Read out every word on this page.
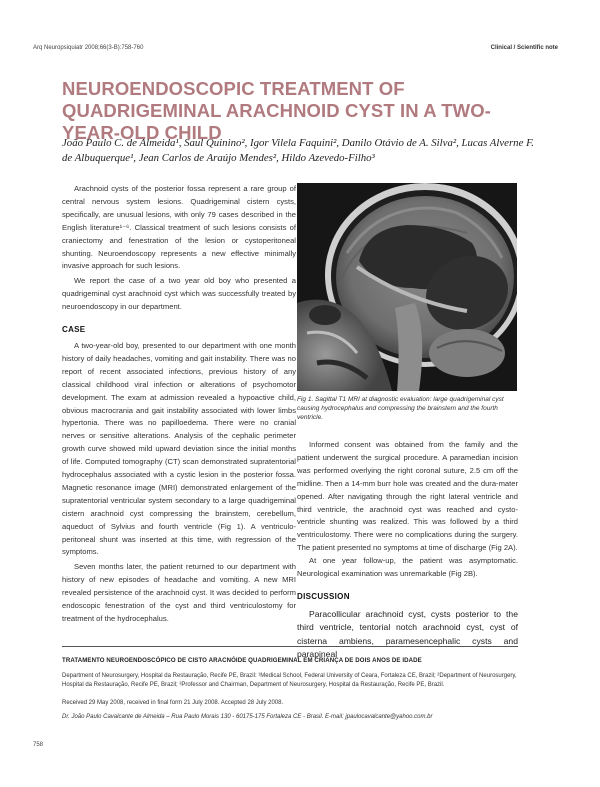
Arq Neuropsiquiatr 2008;66(3-B):758-760	Clinical / Scientific note
NEUROENDOSCOPIC TREATMENT OF QUADRIGEMINAL ARACHNOID CYST IN A TWO-YEAR-OLD CHILD
João Paulo C. de Almeida¹, Saul Quinino², Igor Vilela Faquini², Danilo Otávio de A. Silva², Lucas Alverne F. de Albuquerque¹, Jean Carlos de Araújo Mendes², Hildo Azevedo-Filho³

Arachnoid cysts of the posterior fossa represent a rare group of central nervous system lesions. Quadrigeminal cistern cysts, specifically, are unusual lesions, with only 79 cases described in the English literature¹⁻⁶. Classical treatment of such lesions consists of craniectomy and fenestration of the lesion or cystoperitoneal shunting. Neuroendoscopy represents a new effective minimally invasive approach for such lesions.

We report the case of a two year old boy who presented a quadrigeminal cyst arachnoid cyst which was successfully treated by neuroendoscopy in our department.

CASE

A two-year-old boy, presented to our department with one month history of daily headaches, vomiting and gait instability. There was no report of recent associated infections, previous history of any classical childhood viral infection or alterations of psychomotor development. The exam at admission revealed a hypoactive child, obvious macrocrania and gait instability associated with lower limbs hypertonia. There was no papilloedema. There were no cranial nerves or sensitive alterations. Analysis of the cephalic perimeter growth curve showed mild upward deviation since the initial months of life. Computed tomography (CT) scan demonstrated supratentorial hydrocephalus associated with a cystic lesion in the posterior fossa. Magnetic resonance image (MRI) demonstrated enlargement of the supratentorial ventricular system secondary to a large quadrigeminal cistern arachnoid cyst compressing the brainstem, cerebellum, aqueduct of Sylvius and fourth ventricle (Fig 1). A ventriculo-peritoneal shunt was inserted at this time, with regression of the symptoms.

Seven months later, the patient returned to our department with history of new episodes of headache and vomiting. A new MRI revealed persistence of the arachnoid cyst. It was decided to perform endoscopic fenestration of the cyst and third ventriculostomy for treatment of the hydrocephalus.

Fig 1. Sagittal T1 MRI at diagnostic evaluation: large quadrigeminal cyst causing hydrocephalus and compressing the brainstem and the fourth ventricle.

Informed consent was obtained from the family and the patient underwent the surgical procedure. A paramedian incision was performed overlying the right coronal suture, 2.5 cm off the midline. Then a 14-mm burr hole was created and the dura-mater opened. After navigating through the right lateral ventricle and third ventricle, the arachnoid cyst was reached and cysto-ventricle shunting was realized. This was followed by a third ventriculostomy. There were no complications during the surgery. The patient presented no symptoms at time of discharge (Fig 2A).

At one year follow-up, the patient was asymptomatic. Neurological examination was unremarkable (Fig 2B).

DISCUSSION

Paracollicular arachnoid cyst, cysts posterior to the third ventricle, tentorial notch arachnoid cyst, cyst of cisterna ambiens, paramesencephalic cysts and parapineal

TRATAMENTO NEUROENDOSCÓPICO DE CISTO ARACNÓIDE QUADRIGEMINAL EM CRIANÇA DE DOIS ANOS DE IDADE
Department of Neurosurgery, Hospital da Restauração, Recife PE, Brazil: ¹Medical School, Federal University of Ceara, Fortaleza CE, Brazil; ²Department of Neurosurgery, Hospital da Restauração, Recife PE, Brazil; ³Professor and Chairman, Department of Neurosurgery, Hospital da Restauração, Recife PE, Brazil.
Received 29 May 2008, received in final form 21 July 2008. Accepted 28 July 2008.
Dr. João Paulo Cavalcante de Almeida – Rua Paulo Morais 130 - 60175-175 Fortaleza CE - Brasil. E-mail: jpaulocavalcante@yahoo.com.br
758
